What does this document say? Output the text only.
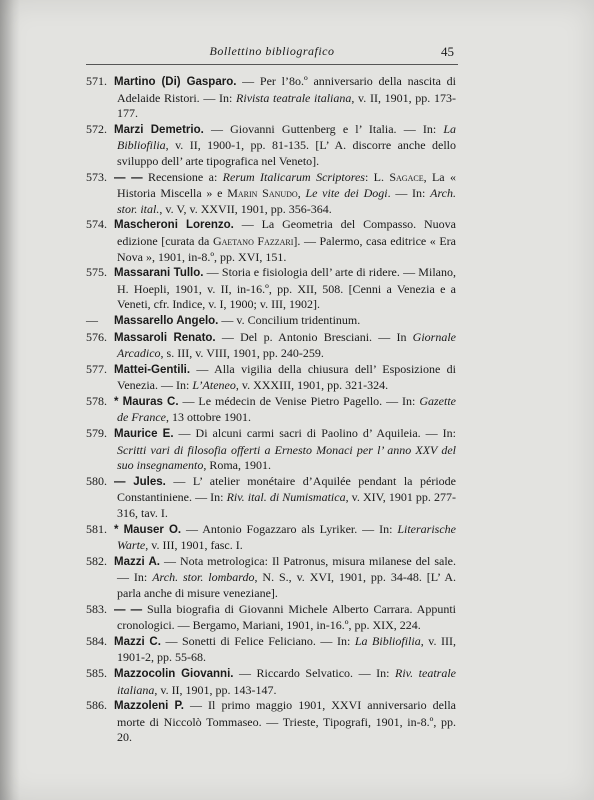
Bollettino bibliografico	45

571. Martino (Di) Gasparo. — Per l’8o.º anniversario della nascita di Adelaide Ristori. — In: Rivista teatrale italiana, v. II, 1901, pp. 173-177.

572. Marzi Demetrio. — Giovanni Guttenberg e l’ Italia. — In: La Bibliofilia, v. II, 1900-1, pp. 81-135. [L’ A. discorre anche dello sviluppo dell’ arte tipografica nel Veneto].

573. — — Recensione a: Rerum Italicarum Scriptores: L. Sagace, La « Historia Miscella » e Marin Sanudo, Le vite dei Dogi. — In: Arch. stor. ital., v. V, v. XXVII, 1901, pp. 356-364.

574. Mascheroni Lorenzo. — La Geometria del Compasso. Nuova edizione [curata da Gaetano Fazzari]. — Palermo, casa editrice « Era Nova », 1901, in-8.º, pp. XVI, 151.

575. Massarani Tullo. — Storia e fisiologia dell’ arte di ridere. — Milano, H. Hoepli, 1901, v. II, in-16.º, pp. XII, 508. [Cenni a Venezia e a Veneti, cfr. Indice, v. I, 1900; v. III, 1902].

— Massarello Angelo. — v. Concilium tridentinum.

576. Massaroli Renato. — Del p. Antonio Bresciani. — In Giornale Arcadico, s. III, v. VIII, 1901, pp. 240-259.

577. Mattei-Gentili. — Alla vigilia della chiusura dell’ Esposizione di Venezia. — In: L’Ateneo, v. XXXIII, 1901, pp. 321-324.

578. * Mauras C. — Le médecin de Venise Pietro Pagello. — In: Gazette de France, 13 ottobre 1901.

579. Maurice E. — Di alcuni carmi sacri di Paolino d’ Aquileia. — In: Scritti vari di filosofia offerti a Ernesto Monaci per l’ anno XXV del suo insegnamento, Roma, 1901.

580. — Jules. — L’ atelier monétaire d’Aquilée pendant la période Constantiniene. — In: Riv. ital. di Numismatica, v. XIV, 1901 pp. 277-316, tav. I.

581. * Mauser O. — Antonio Fogazzaro als Lyriker. — In: Literarische Warte, v. III, 1901, fasc. I.

582. Mazzi A. — Nota metrologica: Il Patronus, misura milanese del sale. — In: Arch. stor. lombardo, N. S., v. XVI, 1901, pp. 34-48. [L’ A. parla anche di misure veneziane].

583. — — Sulla biografia di Giovanni Michele Alberto Carrara. Appunti cronologici. — Bergamo, Mariani, 1901, in-16.º, pp. XIX, 224.

584. Mazzi C. — Sonetti di Felice Feliciano. — In: La Bibliofilia, v. III, 1901-2, pp. 55-68.

585. Mazzocolin Giovanni. — Riccardo Selvatico. — In: Riv. teatrale italiana, v. II, 1901, pp. 143-147.

586. Mazzoleni P. — Il primo maggio 1901, XXVI anniversario della morte di Niccolò Tommaseo. — Trieste, Tipografi, 1901, in-8.º, pp. 20.
